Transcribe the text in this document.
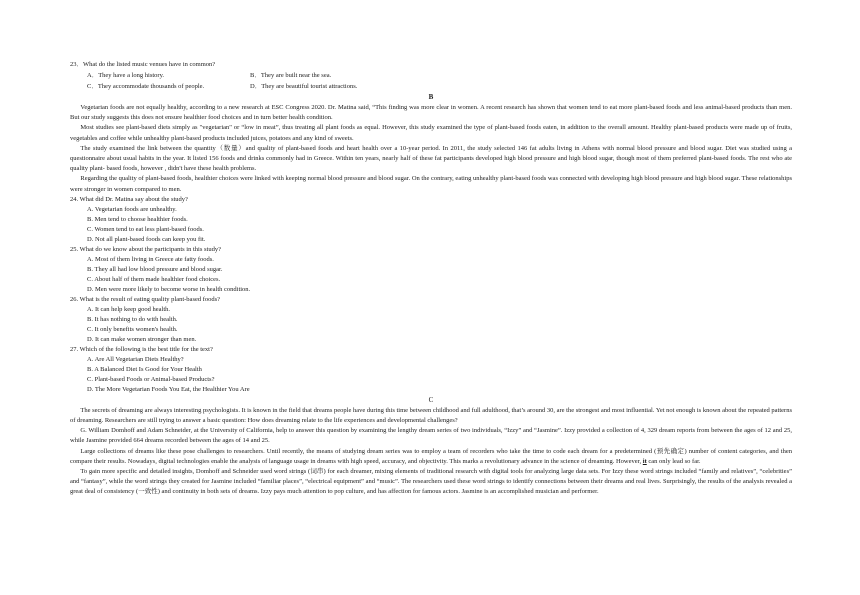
23．What do the listed music venues have in common?
A．They have a long history.	B．They are built near the sea.
C．They accommodate thousands of people.	D．They are beautiful tourist attractions.
B

Vegetarian foods are not equally healthy, according to a new research at ESC Congress 2020. Dr. Matina said, “This finding was more clear in women. A recent research has shown that women tend to eat more plant-based foods and less animal-based products than men. But our study suggests this does not ensure healthier food choices and in turn better health condition.

Most studies see plant-based diets simply as "vegetarian" or “low in meat”, thus treating all plant foods as equal. However, this study examined the type of plant-based foods eaten, in addition to the overall amount. Healthy plant-based products were made up of fruits, vegetables and coffee while unhealthy plant-based products included juices, potatoes and any kind of sweets.

The study examined the link between the quantity（数量）and quality of plant-based foods and heart health over a 10-year period. In 2011, the study selected 146 fat adults living in Athens with normal blood pressure and blood sugar. Diet was studied using a questionnaire about usual habits in the year. It listed 156 foods and drinks commonly had in Greece. Within ten years, nearly half of these fat participants developed high blood pressure and high blood sugar, though most of them preferred plant-based foods. The rest who ate quality plant- based foods, however , didn't have these health problems.

Regarding the quality of plant-based foods, healthier choices were linked with keeping normal blood pressure and blood sugar. On the contrary, eating unhealthy plant-based foods was connected with developing high blood pressure and high blood sugar. These relationships were stronger in women compared to men.

24. What did Dr. Matina say about the study?
A. Vegetarian foods are unhealthy.
B. Men tend to choose healthier foods.
C. Women tend to eat less plant-based foods.
D. Not all plant-based foods can keep you fit.
25. What do we know about the participants in this study?
A. Most of them living in Greece ate fatty foods.
B. They all had low blood pressure and blood sugar.
C. About half of them made healthier food choices.
D. Men were more likely to become worse in health condition.
26. What is the result of eating quality plant-based foods?
A. It can help keep good health.
B. It has nothing to do with health.
C. It only benefits women's health.
D. It can make women stronger than men.
27. Which of the following is the best title for the text?
A. Are All Vegetarian Diets Healthy?
B. A Balanced Diet Is Good for Your Health
C. Plant-based Foods or Animal-based Products?
D. The More Vegetarian Foods You Eat, the Healthier You Are
C

The secrets of dreaming are always interesting psychologists. It is known in the field that dreams people have during this time between childhood and full adulthood, that’s around 30, are the strongest and most influential. Yet not enough is known about the repeated patterns of dreaming. Researchers are still trying to answer a basic question: How does dreaming relate to the life experiences and developmental challenges?

G. William Domhoff and Adam Schneider, at the University of California, help to answer this question by examining the lengthy dream series of two individuals, “Izzy” and “Jasmine”. Izzy provided a collection of 4, 329 dream reports from between the ages of 12 and 25, while Jasmine provided 664 dreams recorded between the ages of 14 and 25.

Large collections of dreams like these pose challenges to researchers. Until recently, the means of studying dream series was to employ a team of recorders who take the time to code each dream for a predetermined (预先确定) number of content categories, and then compare their results. Nowadays, digital technologies enable the analysis of language usage in dreams with high speed, accuracy, and objectivity. This marks a revolutionary advance in the science of dreaming. However, it can only lead so far.

To gain more specific and detailed insights, Domhoff and Schneider used word strings (词串) for each dreamer, mixing elements of traditional research with digital tools for analyzing large data sets. For Izzy these word strings included “family and relatives”, “celebrities” and “fantasy”, while the word strings they created for Jasmine included “familiar places”, “electrical equipment” and “music”. The researchers used these word strings to identify connections between their dreams and real lives. Surprisingly, the results of the analysis revealed a great deal of consistency (一致性) and continuity in both sets of dreams. Izzy pays much attention to pop culture, and has affection for famous actors. Jasmine is an accomplished musician and performer.
